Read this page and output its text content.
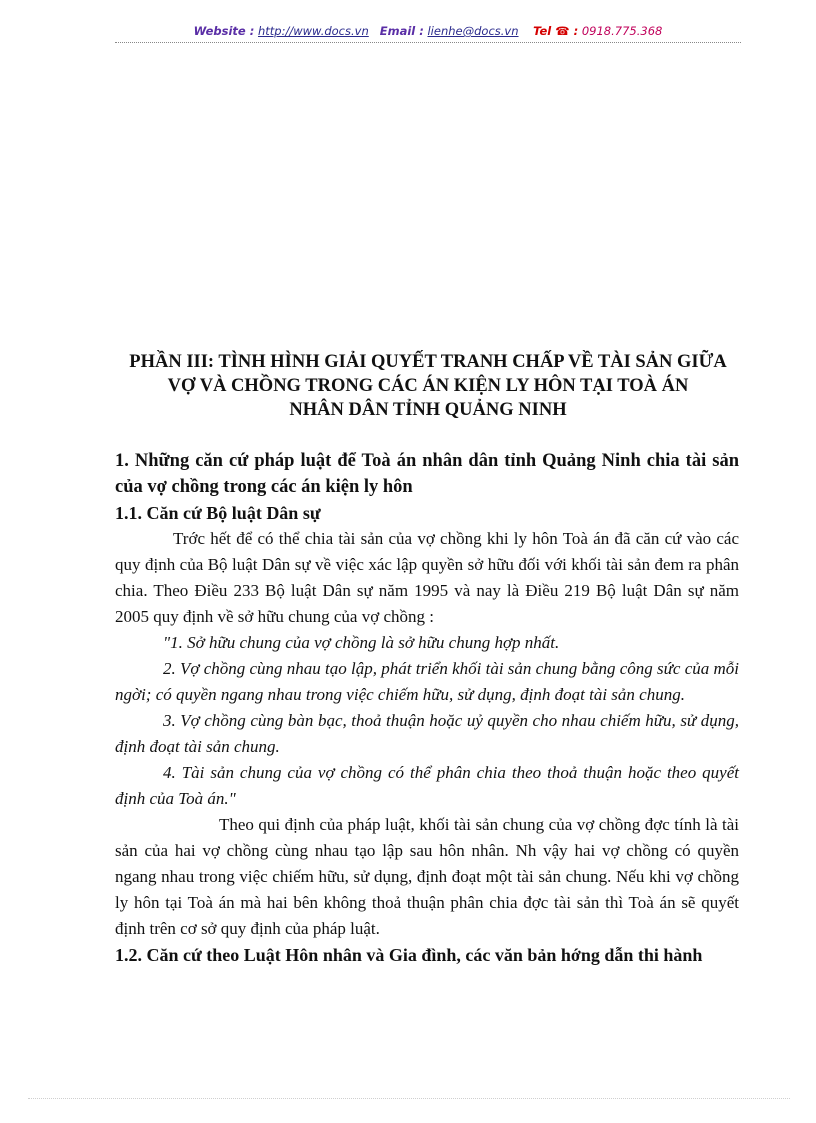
Website : http://www.docs.vn Email : lienhe@docs.vn Tel ☎ : 0918.775.368
PHẦN III: TÌNH HÌNH GIẢI QUYẾT TRANH CHẤP VỀ TÀI SẢN GIỮA
VỢ VÀ CHỒNG TRONG CÁC ÁN KIỆN LY HÔN TẠI TOÀ ÁN
NHÂN DÂN TỈNH QUẢNG NINH

1. Những căn cứ pháp luật để Toà án nhân dân tỉnh Quảng Ninh chia tài sản của vợ chồng trong các án kiện ly hôn

1.1. Căn cứ Bộ luật Dân sự

Trớc hết để có thể chia tài sản của vợ chồng khi ly hôn Toà án đã căn cứ vào các quy định của Bộ luật Dân sự về việc xác lập quyền sở hữu đối với khối tài sản đem ra phân chia. Theo Điều 233 Bộ luật Dân sự năm 1995 và nay là Điều 219 Bộ luật Dân sự năm 2005 quy định về sở hữu chung của vợ chồng :

"1. Sở hữu chung của vợ chồng là sở hữu chung hợp nhất.

2. Vợ chồng cùng nhau tạo lập, phát triển khối tài sản chung bằng công sức của mỗi ngời; có quyền ngang nhau trong việc chiếm hữu, sử dụng, định đoạt tài sản chung.

3. Vợ chồng cùng bàn bạc, thoả thuận hoặc uỷ quyền cho nhau chiếm hữu, sử dụng, định đoạt tài sản chung.

4. Tài sản chung của vợ chồng có thể phân chia theo thoả thuận hoặc theo quyết định của Toà án."

Theo qui định của pháp luật, khối tài sản chung của vợ chồng đợc tính là tài sản của hai vợ chồng cùng nhau tạo lập sau hôn nhân. Nh vậy hai vợ chồng có quyền ngang nhau trong việc chiếm hữu, sử dụng, định đoạt một tài sản chung. Nếu khi vợ chồng ly hôn tại Toà án mà hai bên không thoả thuận phân chia đợc tài sản thì Toà án sẽ quyết định trên cơ sở quy định của pháp luật.

1.2. Căn cứ theo Luật Hôn nhân và Gia đình, các văn bản hớng dẫn thi hành
